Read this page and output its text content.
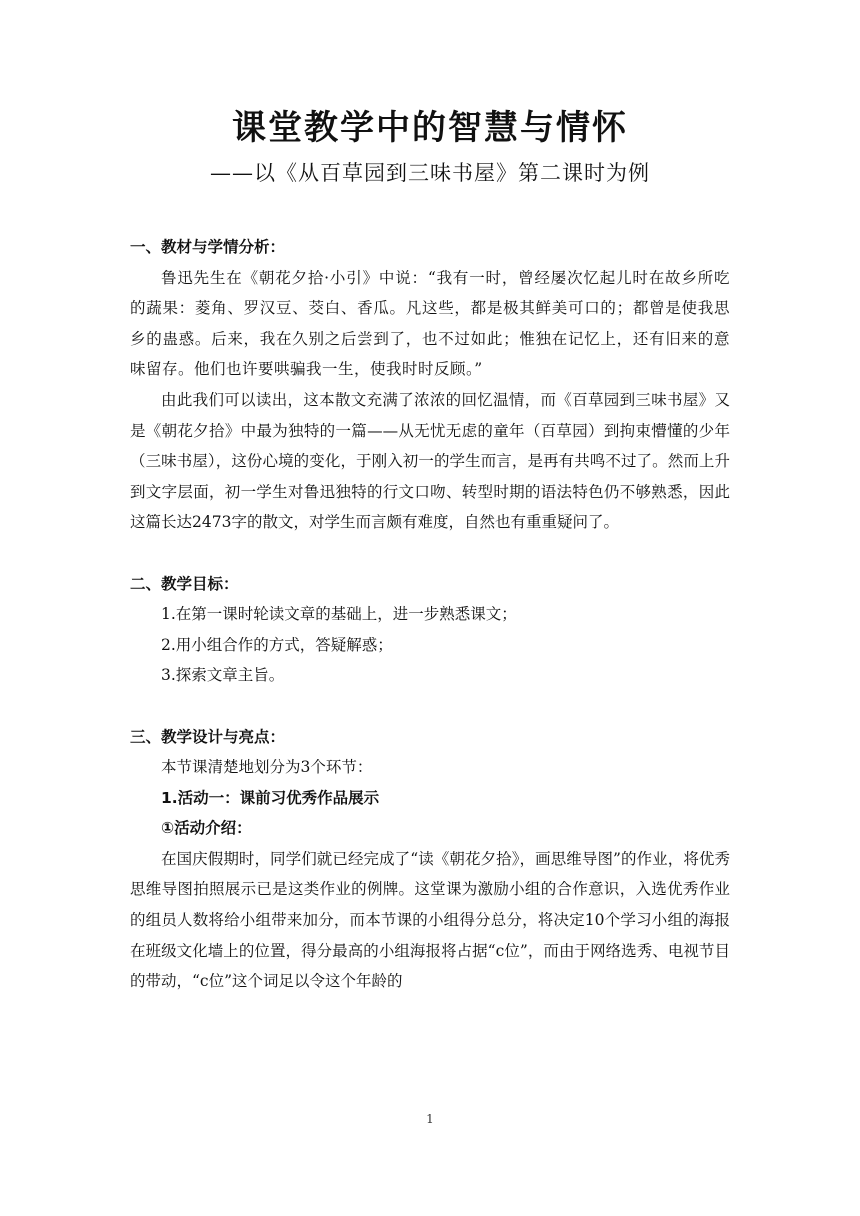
课堂教学中的智慧与情怀
——以《从百草园到三味书屋》第二课时为例
一、教材与学情分析：

鲁迅先生在《朝花夕拾·小引》中说：“我有一时，曾经屡次忆起儿时在故乡所吃的蔬果：菱角、罗汉豆、茭白、香瓜。凡这些，都是极其鲜美可口的；都曾是使我思乡的蛊惑。后来，我在久别之后尝到了，也不过如此；惟独在记忆上，还有旧来的意味留存。他们也许要哄骗我一生，使我时时反顾。”

由此我们可以读出，这本散文充满了浓浓的回忆温情，而《百草园到三味书屋》又是《朝花夕拾》中最为独特的一篇——从无忧无虑的童年（百草园）到拘束懵懂的少年（三味书屋），这份心境的变化，于刚入初一的学生而言，是再有共鸣不过了。然而上升到文字层面，初一学生对鲁迅独特的行文口吻、转型时期的语法特色仍不够熟悉，因此这篇长达2473字的散文，对学生而言颇有难度，自然也有重重疑问了。

二、教学目标：
1.在第一课时轮读文章的基础上，进一步熟悉课文；
2.用小组合作的方式，答疑解惑；
3.探索文章主旨。
三、教学设计与亮点：
本节课清楚地划分为3个环节：
1.活动一：课前习优秀作品展示
①活动介绍：

在国庆假期时，同学们就已经完成了“读《朝花夕拾》，画思维导图”的作业，将优秀思维导图拍照展示已是这类作业的例牌。这堂课为激励小组的合作意识，入选优秀作业的组员人数将给小组带来加分，而本节课的小组得分总分，将决定10个学习小组的海报在班级文化墙上的位置，得分最高的小组海报将占据“c位”，而由于网络选秀、电视节目的带动，“c位”这个词足以令这个年龄的

1
